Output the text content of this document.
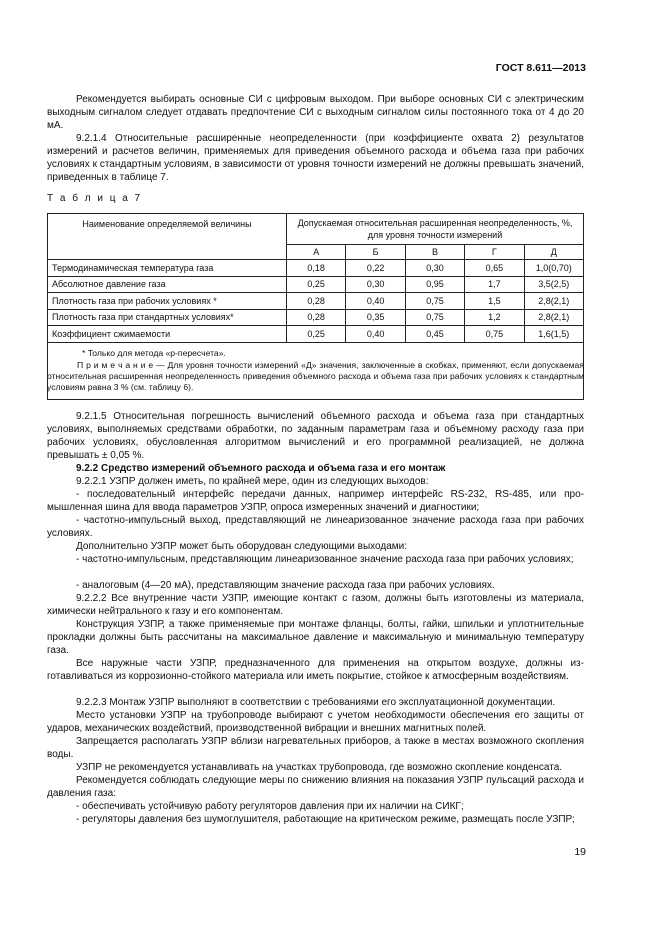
ГОСТ 8.611—2013

Рекомендуется выбирать основные СИ с цифровым выходом. При выборе основных СИ с электрическим выходным сигналом следует отдавать предпочтение СИ с выходным сигналом силы постоянного тока от 4 до 20 мА.

9.2.1.4 Относительные расширенные неопределенности (при коэффициенте охвата 2) результатов измерений и расчетов величин, применяемых для приведения объемного расхода и объема газа при рабочих условиях к стандартным условиям, в зависимости от уровня точности измерений не должны превышать значений, приведенных в таблице 7.

Т а б л и ц а 7
Наименование определяемой величины	Допускаемая относительная расширенная неопределенность, %, для уровня точности измерений				
	А	Б	В	Г	Д
Термодинамическая температура газа	0,18	0,22	0,30	0,65	1,0(0,70)
Абсолютное давление газа	0,25	0,30	0,95	1,7	3,5(2,5)
Плотность газа при рабочих условиях *	0,28	0,40	0,75	1,5	2,8(2,1)
Плотность газа при стандартных условиях*	0,28	0,35	0,75	1,2	2,8(2,1)
Коэффициент сжимаемости	0,25	0,40	0,45	0,75	1,6(1,5)

* Только для метода «р-пересчета».

П р и м е ч а н и е — Для уровня точности измерений «Д» значения, заключенные в скобках, применяют, если допускаемая относительная расширенная неопределенность приведения объемного расхода и объема газа при рабочих условиях к стандартным условиям равна 3 % (см. таблицу 6).

9.2.1.5 Относительная погрешность вычислений объемного расхода и объема газа при стандартных условиях, выполняемых средствами обработки, по заданным параметрам газа и объемному расходу газа при рабочих условиях, обусловленная алгоритмом вычислений и его программной реализацией, не должна превышать ± 0,05 %.

9.2.2 Средство измерений объемного расхода и объема газа и его монтаж

9.2.2.1 УЗПР должен иметь, по крайней мере, один из следующих выходов:

- последовательный интерфейс передачи данных, например интерфейс RS-232, RS-485, или промышленная шина для ввода параметров УЗПР, опроса измеренных значений и диагностики;

- частотно-импульсный выход, представляющий не линеаризованное значение расхода газа при рабочих условиях.

Дополнительно УЗПР может быть оборудован следующими выходами:

- частотно-импульсным, представляющим линеаризованное значение расхода газа при рабочих условиях;

- аналоговым (4—20 мА), представляющим значение расхода газа при рабочих условиях.

9.2.2.2 Все внутренние части УЗПР, имеющие контакт с газом, должны быть изготовлены из материала, химически нейтрального к газу и его компонентам.

Конструкция УЗПР, а также применяемые при монтаже фланцы, болты, гайки, шпильки и уплотнительные прокладки должны быть рассчитаны на максимальное давление и максимальную и минимальную температуру газа.

Все наружные части УЗПР, предназначенного для применения на открытом воздухе, должны изготавливаться из коррозионно-стойкого материала или иметь покрытие, стойкое к атмосферным воздействиям.

9.2.2.3 Монтаж УЗПР выполняют в соответствии с требованиями его эксплуатационной документации.

Место установки УЗПР на трубопроводе выбирают с учетом необходимости обеспечения его защиты от ударов, механических воздействий, производственной вибрации и внешних магнитных полей.

Запрещается располагать УЗПР вблизи нагревательных приборов, а также в местах возможного скопления воды.

УЗПР не рекомендуется устанавливать на участках трубопровода, где возможно скопление конденсата.

Рекомендуется соблюдать следующие меры по снижению влияния на показания УЗПР пульсаций расхода и давления газа:

- обеспечивать устойчивую работу регуляторов давления при их наличии на СИКГ;

- регуляторы давления без шумоглушителя, работающие на критическом режиме, размещать после УЗПР;

19
